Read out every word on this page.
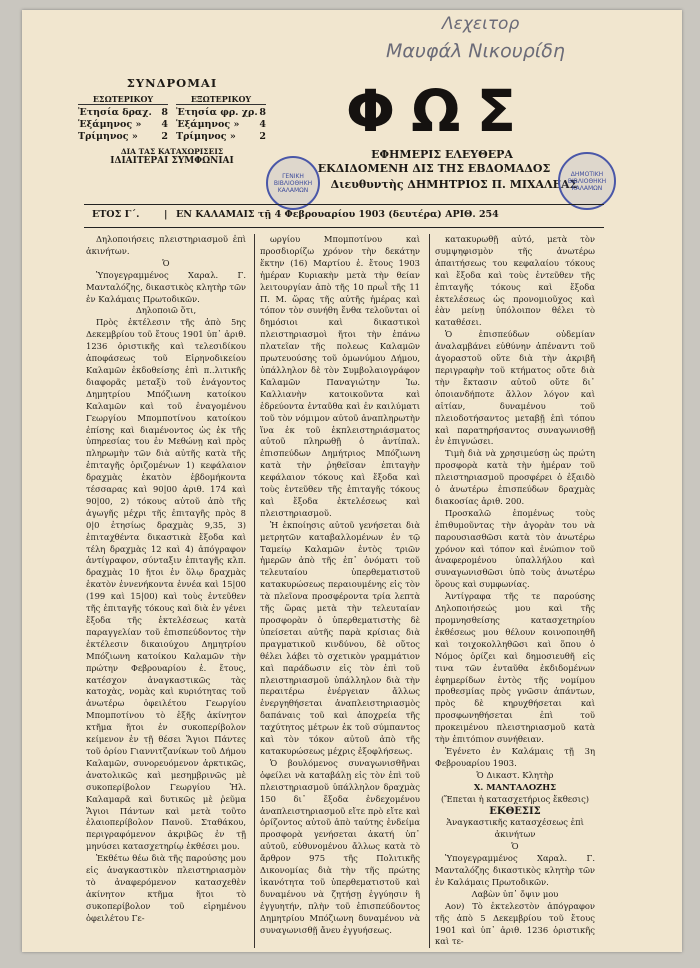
Λεχειτορ
Μαυφάλ Νικουρίδη
ΣΥΝΔΡΟΜΑΙ
ΕΣΩΤΕΡΙΚΟΥ
Ἐτησία δραχ. 8
Ἑξάμηνος » 4
Τρίμηνος » 2
ΕΞΩΤΕΡΙΚΟΥ
Ἐτησία φρ. χρ. 8
Ἑξάμηνος » 4
Τρίμηνος » 2
ΔΙΑ ΤΑΣ ΚΑΤΑΧΩΡΙΣΕΙΣ
ΙΔΙΑΙΤΕΡΑΙ ΣΥΜΦΩΝΙΑΙ
ΦΩΣ
ΕΦΗΜΕΡΙΣ ΕΛΕΥΘΕΡΑ
ΕΚΔΙΔΟΜΕΝΗ ΔΙΣ ΤΗΣ ΕΒΔΟΜΑΔΟΣ
Διευθυντὴς ΔΗΜΗΤΡΙΟΣ Π. ΜΙΧΑΛΕΑΣ
ΓΕΝΙΚΗ ΒΙΒΛΙΟΘΗΚΗ ΚΑΛΑΜΩΝ
ΔΗΜΟΤΙΚΗ ΒΙΒΛΙΟΘΗΚΗ ΚΑΛΑΜΩΝ
ΕΤΟΣ Γ΄.	| ΕΝ ΚΑΛΑΜΑΙΣ τῇ 4 Φεβρουαρίου 1903 (δευτέρα) ΑΡΙΘ. 254

Δηλοποιήσεις πλειστηριασμοῦ ἐπὶ ἀκινήτων.

Ὁ

Ὑπογεγραμμένος Χαραλ. Γ. Μανταλόζης, δικαστικὸς κλητὴρ τῶν ἐν Καλάμαις Πρωτοδικῶν.

Δηλοποιῶ ὅτι,

Πρὸς ἐκτέλεσιν τῆς ἀπὸ 5ης Δεκεμβρίου τοῦ ἔτους 1901 ὑπ᾿ ἀριθ. 1236 ὁριστικῆς καὶ τελεσιδίκου ἀποφάσεως τοῦ Εἰρηνοδικείου Καλαμῶν ἐκδοθείσης ἐπὶ π..λιτικῆς διαφορᾶς μεταξὺ τοῦ ἐνάγοντος Δημητρίου Μπόζιωνη κατοίκου Καλαμῶν καὶ τοῦ ἐναγομένου Γεωργίου Μπομποτίνου κατοίκου ἐπίσης καὶ διαμένοντος ὡς ἐκ τῆς ὑπηρεσίας του ἐν Μεθώνῃ καὶ πρὸς πληρωμὴν τῶν διὰ αὐτῆς κατὰ τῆς ἐπιταγῆς ὁριζομένων 1) κεφάλαιον δραχμὰς ἑκατὸν ἑβδομήκοντα τέσσαρας καὶ 90|00 ἀριθ. 174 καὶ 90|00, 2) τόκους αὐτοῦ ἀπὸ τῆς ἀγωγῆς μέχρι τῆς ἐπιταγῆς πρὸς 8 0|0 ἐτησίως δραχμὰς 9,35, 3) ἐπιταχθέντα δικαστικὰ ἔξοδα καὶ τέλη δραχμὰς 12 καὶ 4) ἀπόγραφον ἀντίγραφον, σύνταξιν ἐπιταγῆς κλπ. δραχμὰς 10 ἤτοι ἐν ὅλῳ δραχμὰς ἑκατὸν ἐννενήκοντα ἐννέα καὶ 15|00 (199 καὶ 15|00) καὶ τοὺς ἐντεῦθεν τῆς ἐπιταγῆς τόκους καὶ διὰ ἐν γένει ἔξοδα τῆς ἐκτελέσεως κατὰ παραγγελίαν τοῦ ἐπισπεύδοντος τὴν ἐκτέλεσιν δικαιούχου Δημητρίου Μπόζιωνη κατοίκου Καλαμῶν τὴν πρώτην Φεβρουαρίου ἐ. ἔτους, κατέσχον ἀναγκαστικῶς τὰς κατοχὰς, νομὰς καὶ κυριότητας τοῦ ἀνωτέρω ὀφειλέτου Γεωργίου Μπομποτίνου τὸ ἑξῆς ἀκίνητον κτῆμα ἤτοι ἐν συκοπερίβολον κείμενον ἐν τῇ θέσει Ἅγιοι Πάντες τοῦ ὁρίου Γιαννιτζανίκων τοῦ Δήμου Καλαμῶν, συνορευόμενον ἀρκτικῶς, ἀνατολικῶς καὶ μεσημβρινῶς μὲ συκοπερίβολον Γεωργίου Ἠλ. Καλαμαρᾶ καὶ δυτικῶς μὲ ῥεῦμα Ἅγιοι Πάντων καὶ μετὰ τοῦτο ἐλαιοπερίβολον Πανοῦ. Σταθάκου, περιγραφόμενον ἀκριβῶς ἐν τῇ μηνύσει κατασχετηρίῳ ἐκθέσει μου.

Ἐκθέτω θέω διὰ τῆς παρούσης μου εἰς ἀναγκαστικὸν πλειστηριασμὸν τὸ ἀναφερόμενον κατασχεθὲν ἀκίνητον κτῆμα ἤτοι τὸ συκοπερίβολον τοῦ εἰρημένου ὀφειλέτου Γε-

ωργίου Μπομποτίνου καὶ προσδιορίζω χρόνον τὴν δεκάτην ἕκτην (16) Μαρτίου ἐ. ἔτους 1903 ἡμέραν Κυριακὴν μετὰ τὴν θείαν λειτουργίαν ἀπὸ τῆς 10 πρωῒ τῆς 11 Π. Μ. ὥρας τῆς αὐτῆς ἡμέρας καὶ τόπον τὸν συνήθη ἔνθα τελοῦνται οἱ δημόσιοι καὶ δικαστικοὶ πλειστηριασμοὶ ἤτοι τὴν ἐπάνω πλατεῖαν τῆς πολεως Καλαμῶν πρωτευούσης τοῦ ὁμωνύμου Δήμου, ὑπάλληλον δὲ τὸν Συμβολαιογράφον Καλαμῶν Παναγιώτην Ἰω. Καλλιανὴν κατοικοῦντα καὶ ἑδρεύοντα ἐνταῦθα καὶ ἐν καιλύματι τοῦ τὸν νόμιμον αὐτοῦ ἀναπληρωτὴν ἵνα ἐκ τοῦ ἐκπλειστηριάσματος αὐτοῦ πληρωθῇ ὁ ἀντίπαλ. ἐπισπεύδων Δημήτριος Μπόζιωνη κατὰ τὴν ῥηθεῖσαν ἐπιταγὴν κεφάλαιον τόκους καὶ ἔξοδα καὶ τοὺς ἐντεῦθεν τῆς ἐπιταγῆς τόκους καὶ ἔξοδα ἐκτελέσεως καὶ πλειστηριασμοῦ.

Ἡ ἐκποίησις αὐτοῦ γενήσεται διὰ μετρητῶν καταβαλλομένων ἐν τῷ Ταμείῳ Καλαμῶν ἐντὸς τριῶν ἡμερῶν ἀπὸ τῆς ἐπ᾿ ὀνόματι τοῦ τελευταίου ὑπερθεματιστοῦ κατακυρώσεως περαιουμένης εἰς τὸν τὰ πλεῖονα προσφέροντα τρία λεπτὰ τῆς ὥρας μετὰ τὴν τελευταίαν προσφορὰν ὁ ὑπερθεματιστὴς δὲ ὑπείσεται αὐτῆς παρὰ κρίσιας διὰ πραγματικοῦ κινδύνου, δὲ οὕτος θέλει λάβει τὸ σχετικὸν γραμμάτιον καὶ παράδωσιν εἰς τὸν ἐπὶ τοῦ πλειστηριασμοῦ ὑπάλληλον διὰ τὴν περαιτέρω ἐνέργειαν ἄλλως ἐνεργηθήσεται ἀναπλειστηριασμὸς δαπάναις τοῦ καὶ ἀποχρεία τῆς ταχύτητος μέτρων ἐκ τοῦ σύμπαντος καὶ τὸν τόκον αὐτοῦ ἀπὸ τῆς κατακυρώσεως μέχρις ἐξοφλήσεως.

Ὁ βουλόμενος συναγωνισθῆναι ὀφείλει νὰ καταβάλῃ εἰς τὸν ἐπὶ τοῦ πλειστηριασμοῦ ὑπάλληλον δραχμὰς 150 δι᾿ ἔξοδα ἐνδεχομένου ἀναπλειστηριασμοῦ εἴτε πρὸ εἴτε καὶ ὁρίζοντος αὐτοῦ ἀπὸ ταύτης ἐνδείμα προσφορὰ γενήσεται ἀκατή ὑπ᾿ αὐτοῦ, εὐθυνομένου ἄλλως κατὰ τὸ ἄρθρον 975 τῆς Πολιτικῆς Δικονομίας διὰ τὴν τῆς πρώτης ἱκανότητα τοῦ ὑπερθεματιστοῦ καὶ δυναμένου νὰ ζητήσῃ ἐγγύησιν ἢ ἐγγυητήν, πλὴν τοῦ ἐπισπεύδοντος Δημητρίου Μπόζιωνη δυναμένου νὰ συναγωνισθῇ ἄνευ ἐγγυήσεως.

κατακυρωθῇ αὐτό, μετὰ τὸν συμψηφισμὸν τῆς ἀνωτέρω ἀπαιτήσεως του κεφαλαίου τόκους καὶ ἔξοδα καὶ τοὺς ἐντεῦθεν τῆς ἐπιταγῆς τόκους καὶ ἔξοδα ἐκτελέσεως ὡς προνομιοῦχος καὶ ἐὰν μείνῃ ὑπόλοιπον θέλει τὸ καταθέσει.

Ὁ ἐπισπεύδων οὐδεμίαν ἀναλαμβάνει εὐθύνην ἀπέναντι τοῦ ἀγοραστοῦ οὔτε διὰ τὴν ἀκριβῆ περιγραφὴν τοῦ κτήματος οὔτε διὰ τὴν ἔκτασιν αὐτοῦ οὔτε δι᾿ ὁποιανδήποτε ἄλλον λόγον καὶ αἰτίαν, δυναμένου τοῦ πλειοδοτήσαντος μεταβῇ ἐπὶ τόπου καὶ παρατηρήσαντος συναγωνισθῇ ἐν ἐπιγνώσει.

Τιμὴ διὰ νὰ χρησιμεύσῃ ὡς πρώτη προσφορὰ κατὰ τὴν ἡμέραν τοῦ πλειστηριασμοῦ προσφέρει ὁ ἐξαιδὸ ὁ ἀνωτέρω ἐπισπεύδων δραχμὰς διακοσίας ἀριθ. 200.

Προσκαλῶ ἐπομένως τοὺς ἐπιθυμοῦντας τὴν ἀγορὰν του νὰ παρουσιασθῶσι κατὰ τὸν ἀνωτέρω χρόνον καὶ τόπον καὶ ἐνώπιον τοῦ ἀναφερομένου ὑπαλλήλου καὶ συναγωνισθῶσι ὑπὸ τοὺς ἀνωτέρω ὅρους καὶ συμφωνίας.

Ἀντίγραφα τῆς τε παρούσης Δηλοποιήσεώς μου καὶ τῆς προμνησθείσης κατασχετηρίου ἐκθέσεως μου θέλουν κοινοποιηθῆ καὶ τοιχοκολληθῶσι καὶ ὅπου ὁ Νόμος ὁρίζει καὶ δημοσιευθῆ εἰς τινα τῶν ἐνταῦθα ἐκδιδομένων ἐφημερίδων ἐντὸς τῆς νομίμου προθεσμίας πρὸς γνῶσιν ἁπάντων, πρὸς δὲ κηρυχθήσεται καὶ προσφωνηθήσεται ἐπὶ τοῦ προκειμένου πλειστηριασμοῦ κατὰ τὴν ἐπιτόπιον συνήθειαν.

Ἐγένετο ἐν Καλάμαις τῇ 3η Φεβρουαρίου 1903.

Ὁ Δικαστ. Κλητὴρ

Χ. ΜΑΝΤΑΛΟΖΗΣ

(Ἔπεται ἡ κατασχετήριος ἔκθεσις)

ΕΚΘΕΣΙΣ

Ἀναγκαστικῆς κατασχέσεως ἐπὶ ἀκινήτων

Ὁ

Ὑπογεγραμμένος Χαραλ. Γ. Μανταλόζης δικαστικὸς κλητὴρ τῶν ἐν Καλάμαις Πρωτοδικῶν.

Λαβὼν ὑπ᾿ ὄψιν μου

Αον) Τὸ ἐκτελεστὸν ἀπόγραφον τῆς ἀπὸ 5 Δεκεμβρίου τοῦ ἔτους 1901 καὶ ὑπ᾿ ἀριθ. 1236 ὁριστικῆς καὶ τε-
